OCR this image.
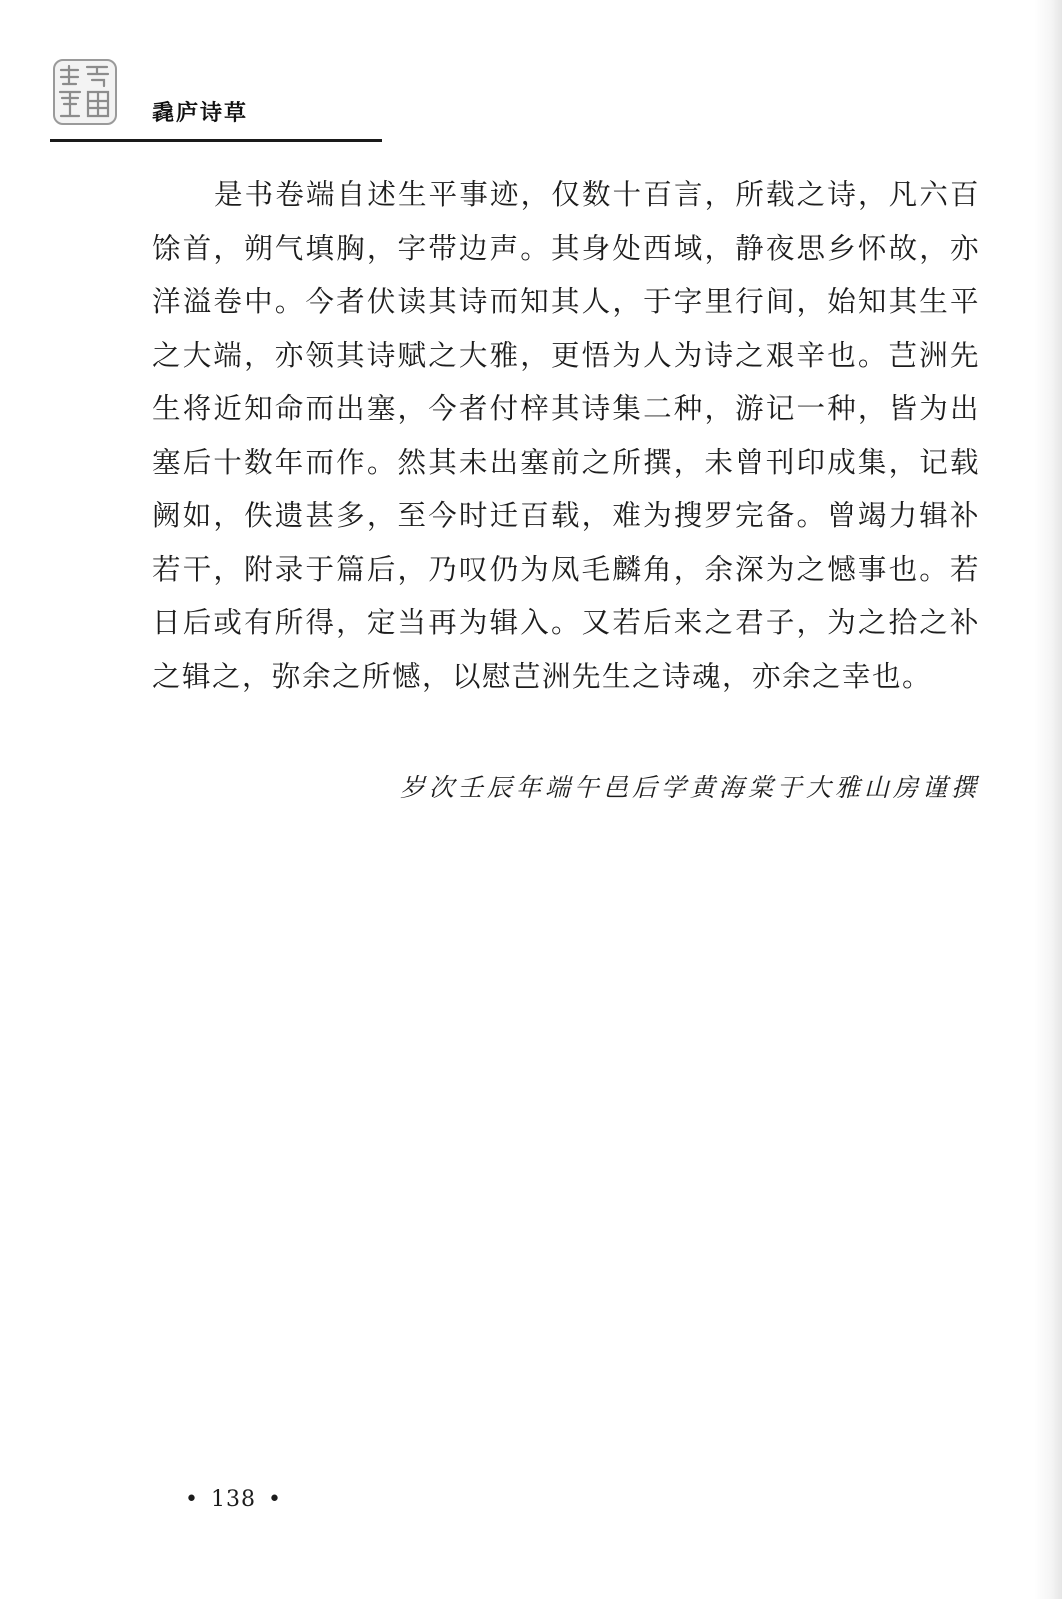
毳庐诗草

是书卷端自述生平事迹，仅数十百言，所载之诗，凡六百馀首，朔气填胸，字带边声。其身处西域，静夜思乡怀故，亦洋溢卷中。今者伏读其诗而知其人，于字里行间，始知其生平之大端，亦领其诗赋之大雅，更悟为人为诗之艰辛也。芑洲先生将近知命而出塞，今者付梓其诗集二种，游记一种，皆为出塞后十数年而作。然其未出塞前之所撰，未曾刊印成集，记载阙如，佚遗甚多，至今时迁百载，难为搜罗完备。曾竭力辑补若干，附录于篇后，乃叹仍为凤毛麟角，余深为之憾事也。若日后或有所得，定当再为辑入。又若后来之君子，为之拾之补之辑之，弥余之所憾，以慰芑洲先生之诗魂，亦余之幸也。

岁次壬辰年端午邑后学黄海棠于大雅山房谨撰
• 138 •
